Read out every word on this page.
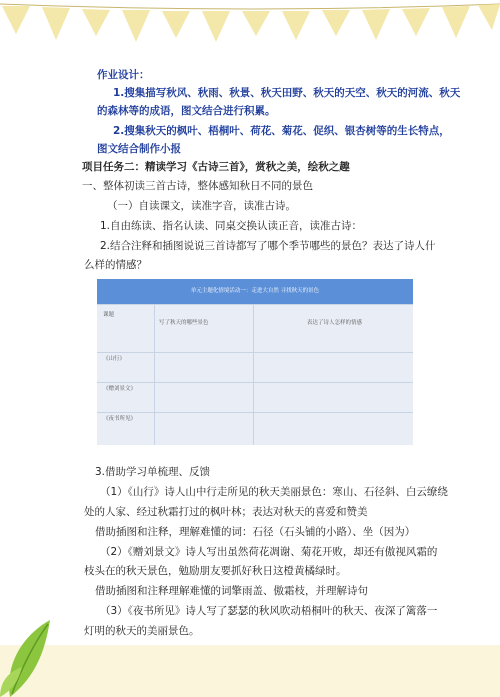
作业设计：
1.搜集描写秋风、秋雨、秋景、秋天田野、秋天的天空、秋天的河流、秋天
的森林等的成语，图文结合进行积累。
2.搜集秋天的枫叶、梧桐叶、荷花、菊花、促织、银杏树等的生长特点，
图文结合制作小报
项目任务二：精读学习《古诗三首》，赏秋之美，绘秋之趣
一、整体初读三首古诗，整体感知秋日不同的景色
（一）自读课文，读准字音，读准古诗。
1.自由练读、指名认读、同桌交换认读正音，读准古诗：
2.结合注释和插图说说三首诗都写了哪个季节哪些的景色？表达了诗人什
么样的情感？
单元主题化情境活动一：走进大自然 寻找秋天的景色
课题
写了秋天的哪些景色	表达了诗人怎样的情感
《山行》
《赠刘景文》
《夜书所见》
3.借助学习单梳理、反馈
（1）《山行》诗人山中行走所见的秋天美丽景色：寒山、石径斜、白云缭绕
处的人家、经过秋霜打过的枫叶林；表达对秋天的喜爱和赞美
借助插图和注释，理解难懂的词：石径（石头铺的小路）、坐（因为）
（2）《赠刘景文》诗人写出虽然荷花凋谢、菊花开败，却还有傲视风霜的
枝头在的秋天景色，勉励朋友要抓好秋日这橙黄橘绿时。
借助插图和注释理解难懂的词擎雨盖、傲霜枝，并理解诗句
（3）《夜书所见》诗人写了瑟瑟的秋风吹动梧桐叶的秋天、夜深了篱落一
灯明的秋天的美丽景色。
